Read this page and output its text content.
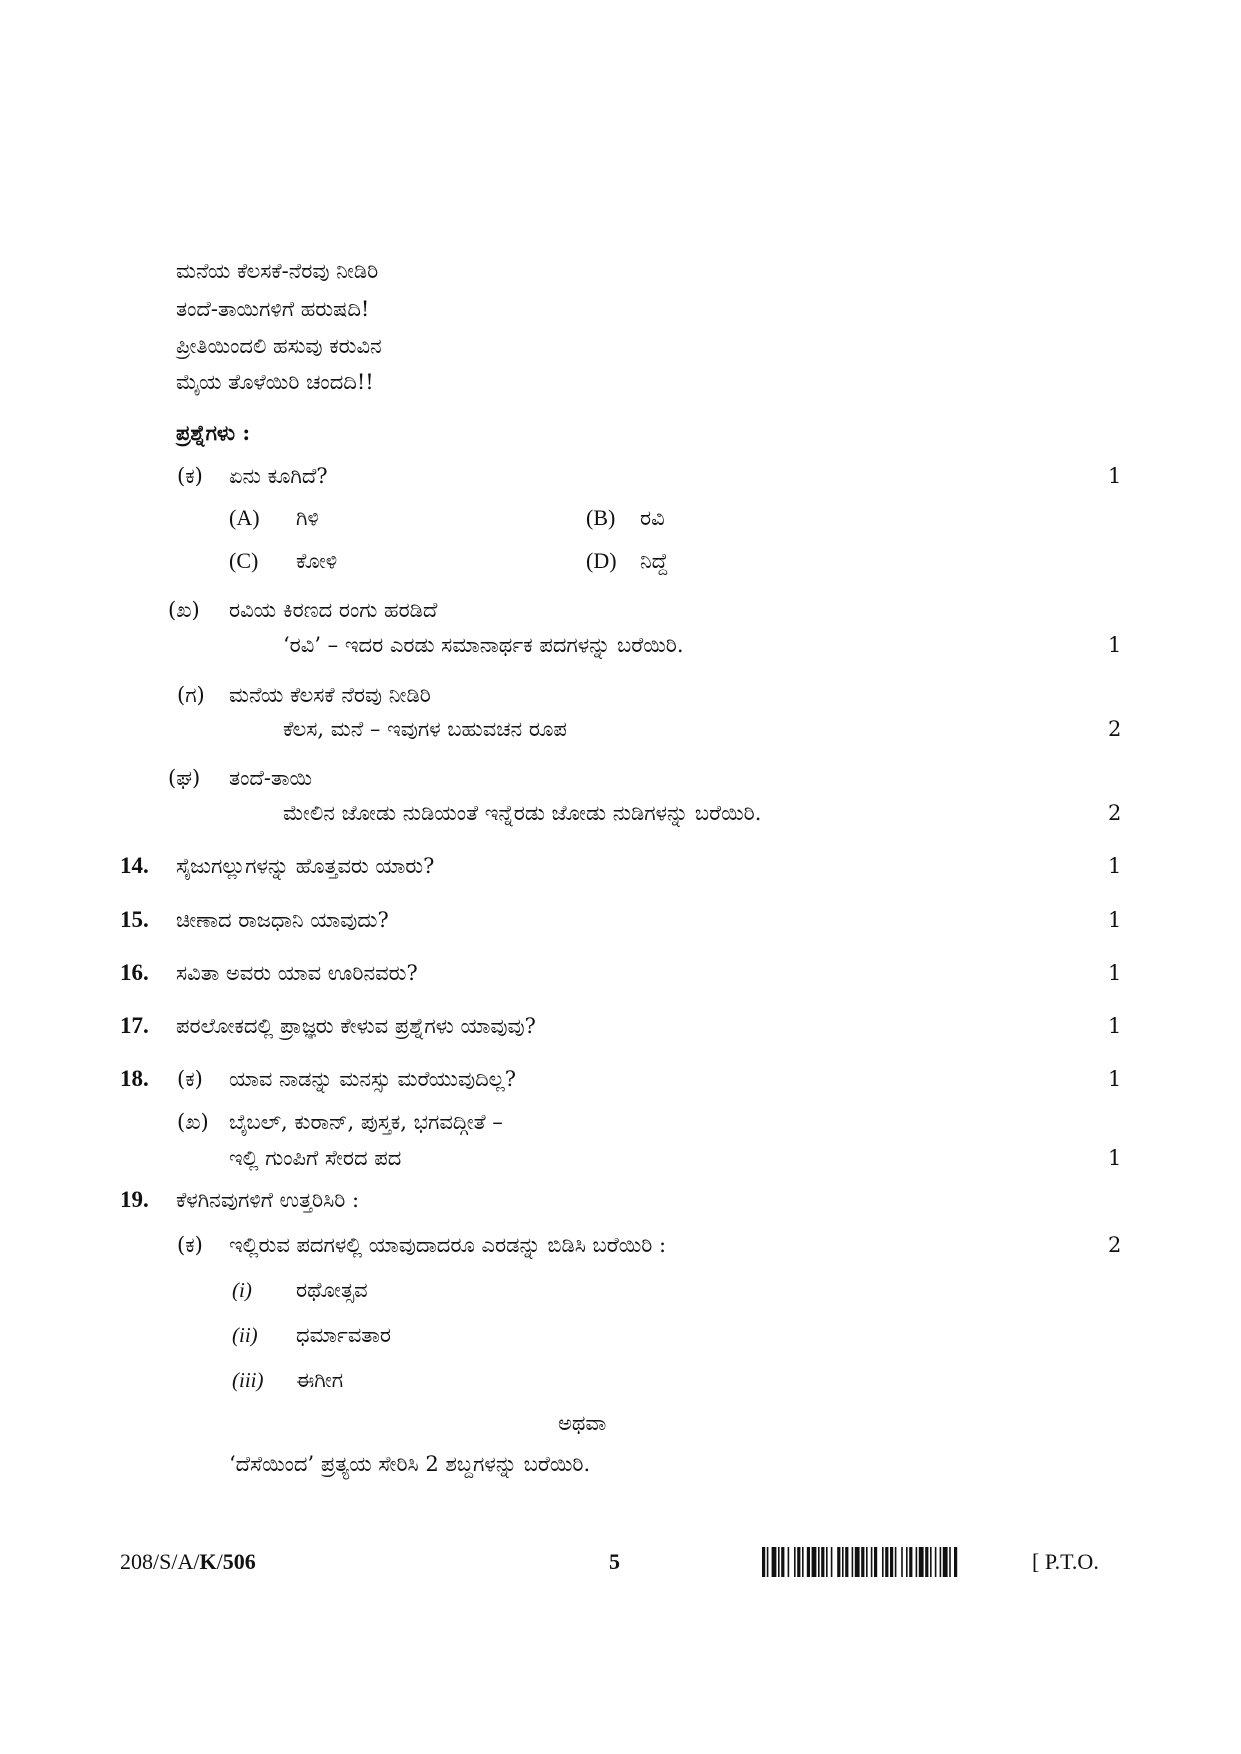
ಮನೆಯ ಕೆಲಸಕೆ-ನೆರವು ನೀಡಿರಿ
ತಂದೆ-ತಾಯಿಗಳಿಗೆ ಹರುಷದಿ!
ಪ್ರೀತಿಯಿಂದಲಿ ಹಸುವು ಕರುವಿನ
ಮೈಯ ತೊಳೆಯಿರಿ ಚಂದದಿ!!
ಪ್ರಶ್ನೆಗಳು :
(ಕ) ಏನು ಕೂಗಿದೆ?	1
(A) ಗಿಳಿ	(B) ರವಿ
(C) ಕೋಳಿ	(D) ನಿದ್ದೆ
(ಖ) ರವಿಯ ಕಿರಣದ ರಂಗು ಹರಡಿದೆ
‘ರವಿ’ – ಇದರ ಎರಡು ಸಮಾನಾರ್ಥಕ ಪದಗಳನ್ನು ಬರೆಯಿರಿ.	1
(ಗ) ಮನೆಯ ಕೆಲಸಕೆ ನೆರವು ನೀಡಿರಿ
ಕೆಲಸ, ಮನೆ – ಇವುಗಳ ಬಹುವಚನ ರೂಪ	2
(ಘ) ತಂದೆ-ತಾಯಿ
ಮೇಲಿನ ಜೋಡು ನುಡಿಯಂತೆ ಇನ್ನೆರಡು ಜೋಡು ನುಡಿಗಳನ್ನು ಬರೆಯಿರಿ.	2
14. ಸೈಜುಗಲ್ಲುಗಳನ್ನು ಹೊತ್ತವರು ಯಾರು?	1
15. ಚೀಣಾದ ರಾಜಧಾನಿ ಯಾವುದು?	1
16. ಸವಿತಾ ಅವರು ಯಾವ ಊರಿನವರು?	1
17. ಪರಲೋಕದಲ್ಲಿ ಪ್ರಾಜ್ಞರು ಕೇಳುವ ಪ್ರಶ್ನೆಗಳು ಯಾವುವು?	1
18. (ಕ) ಯಾವ ನಾಡನ್ನು ಮನಸ್ಸು ಮರೆಯುವುದಿಲ್ಲ?	1
(ಖ) ಬೈಬಲ್, ಕುರಾನ್, ಪುಸ್ತಕ, ಭಗವದ್ಗೀತೆ –
ಇಲ್ಲಿ ಗುಂಪಿಗೆ ಸೇರದ ಪದ	1
19. ಕೆಳಗಿನವುಗಳಿಗೆ ಉತ್ತರಿಸಿರಿ :
(ಕ) ಇಲ್ಲಿರುವ ಪದಗಳಲ್ಲಿ ಯಾವುದಾದರೂ ಎರಡನ್ನು ಬಿಡಿಸಿ ಬರೆಯಿರಿ :	2
(i) ರಥೋತ್ಸವ
(ii) ಧರ್ಮಾವತಾರ
(iii) ಈಗೀಗ
ಅಥವಾ
‘ದೆಸೆಯಿಂದ’ ಪ್ರತ್ಯಯ ಸೇರಿಸಿ 2 ಶಬ್ದಗಳನ್ನು ಬರೆಯಿರಿ.
208/S/A/K/506	5	[ P.T.O.
